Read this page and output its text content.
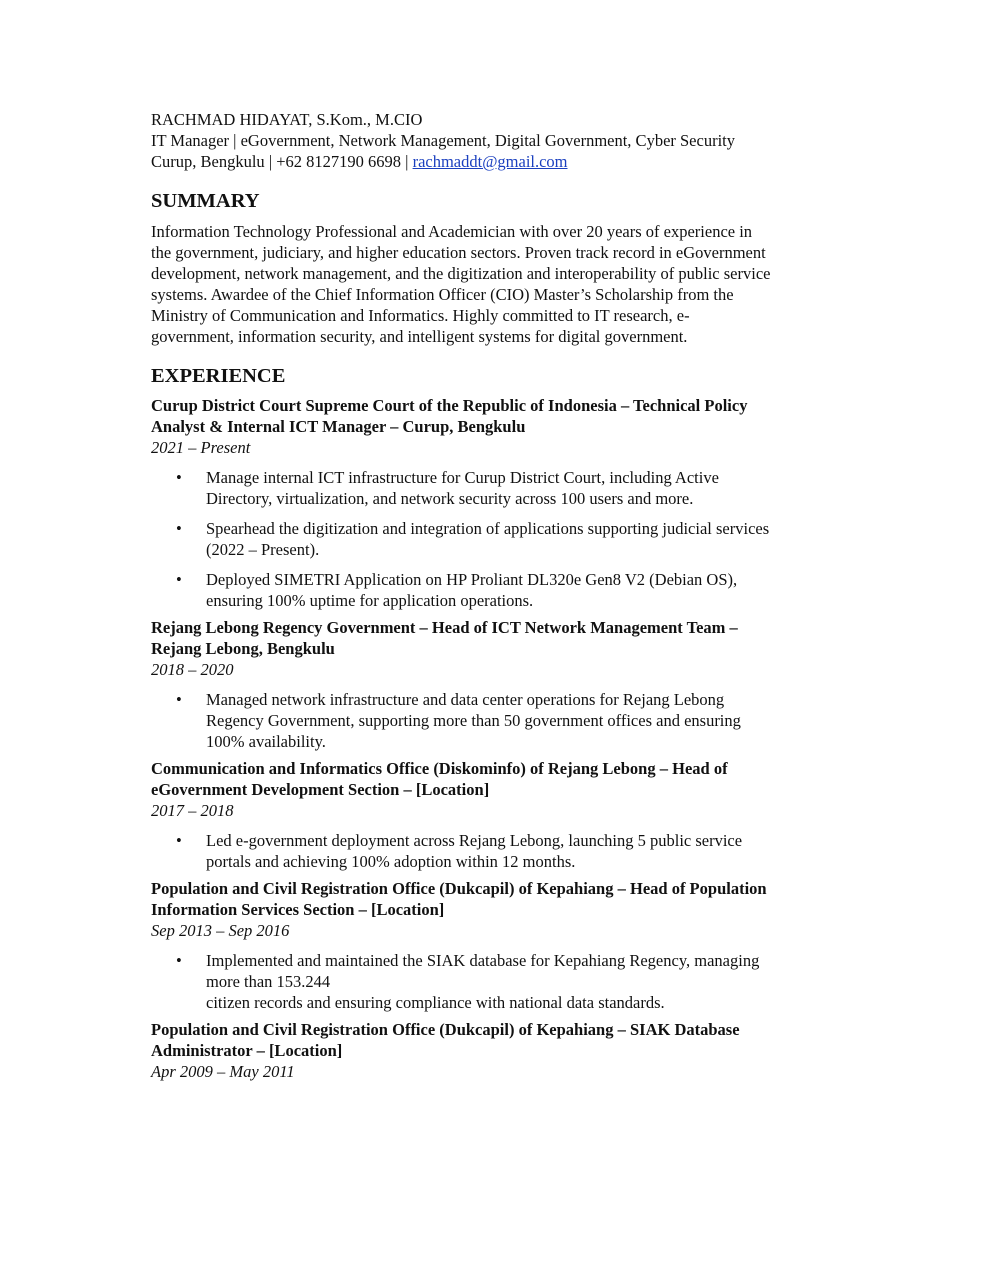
RACHMAD HIDAYAT, S.Kom., M.CIO
IT Manager | eGovernment, Network Management, Digital Government, Cyber Security
Curup, Bengkulu | +62 8127190 6698 | rachmaddt@gmail.com
SUMMARY
Information Technology Professional and Academician with over 20 years of experience in
the government, judiciary, and higher education sectors. Proven track record in eGovernment
development, network management, and the digitization and interoperability of public service
systems. Awardee of the Chief Information Officer (CIO) Master’s Scholarship from the
Ministry of Communication and Informatics. Highly committed to IT research, e-
government, information security, and intelligent systems for digital government.
EXPERIENCE
Curup District Court Supreme Court of the Republic of Indonesia – Technical Policy
Analyst & Internal ICT Manager – Curup, Bengkulu
2021 – Present
• Manage internal ICT infrastructure for Curup District Court, including Active
Directory, virtualization, and network security across 100 users and more.
• Spearhead the digitization and integration of applications supporting judicial services
(2022 – Present).
• Deployed SIMETRI Application on HP Proliant DL320e Gen8 V2 (Debian OS),
ensuring 100% uptime for application operations.
Rejang Lebong Regency Government – Head of ICT Network Management Team –
Rejang Lebong, Bengkulu
2018 – 2020
• Managed network infrastructure and data center operations for Rejang Lebong
Regency Government, supporting more than 50 government offices and ensuring
100% availability.
Communication and Informatics Office (Diskominfo) of Rejang Lebong – Head of
eGovernment Development Section – [Location]
2017 – 2018
• Led e-government deployment across Rejang Lebong, launching 5 public service
portals and achieving 100% adoption within 12 months.
Population and Civil Registration Office (Dukcapil) of Kepahiang – Head of Population
Information Services Section – [Location]
Sep 2013 – Sep 2016
• Implemented and maintained the SIAK database for Kepahiang Regency, managing
more than 153.244
citizen records and ensuring compliance with national data standards.
Population and Civil Registration Office (Dukcapil) of Kepahiang – SIAK Database
Administrator – [Location]
Apr 2009 – May 2011
